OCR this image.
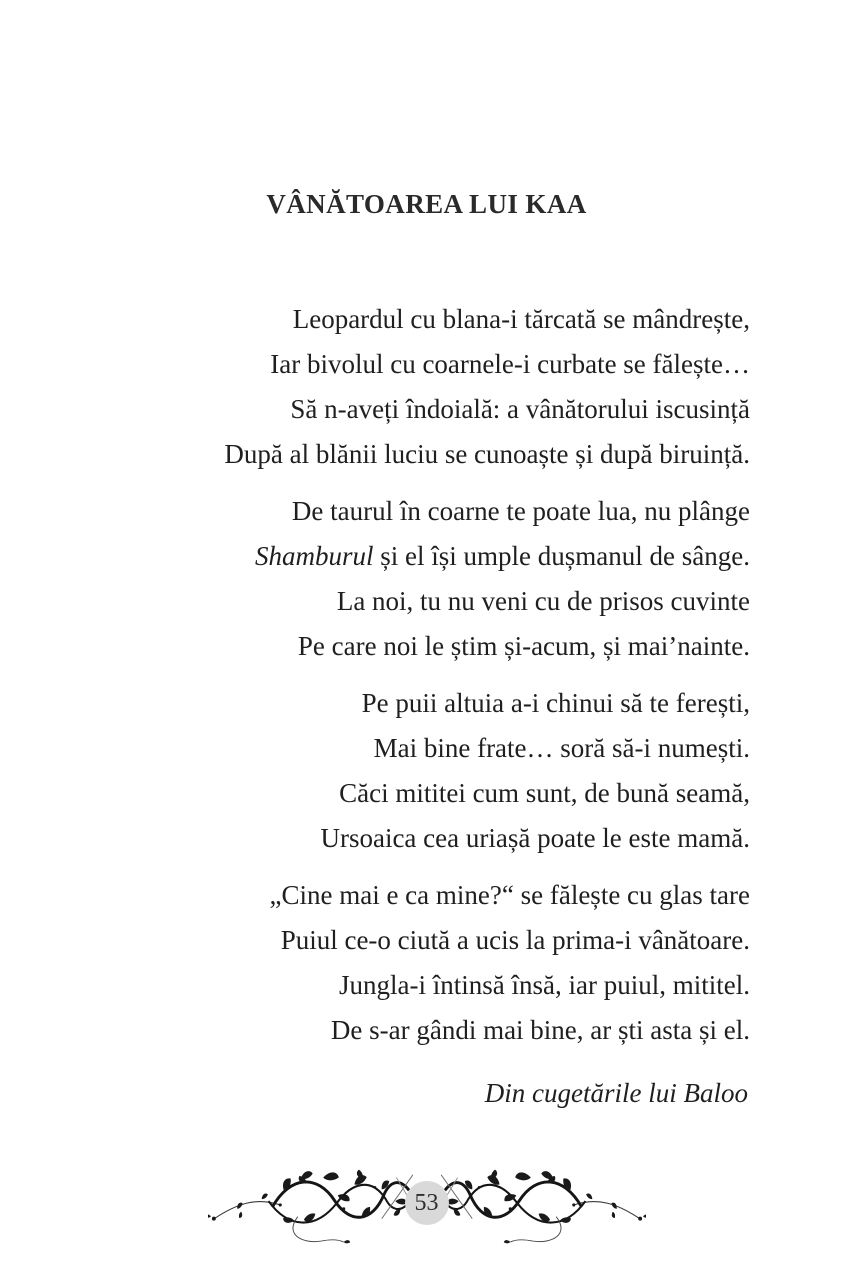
VÂNĂTOAREA LUI KAA
Leopardul cu blana-i tărcată se mândrește,
Iar bivolul cu coarnele-i curbate se fălește…
Să n-aveți îndoială: a vânătorului iscusință
După al blănii luciu se cunoaște și după biruință.
De taurul în coarne te poate lua, nu plânge
Shamburul și el își umple dușmanul de sânge.
La noi, tu nu veni cu de prisos cuvinte
Pe care noi le știm și-acum, și mai’nainte.
Pe puii altuia a-i chinui să te ferești,
Mai bine frate… soră să-i numești.
Căci mititei cum sunt, de bună seamă,
Ursoaica cea uriașă poate le este mamă.
„Cine mai e ca mine?“ se fălește cu glas tare
Puiul ce-o ciută a ucis la prima-i vânătoare.
Jungla-i întinsă însă, iar puiul, mititel.
De s-ar gândi mai bine, ar ști asta și el.
Din cugetările lui Baloo
53
